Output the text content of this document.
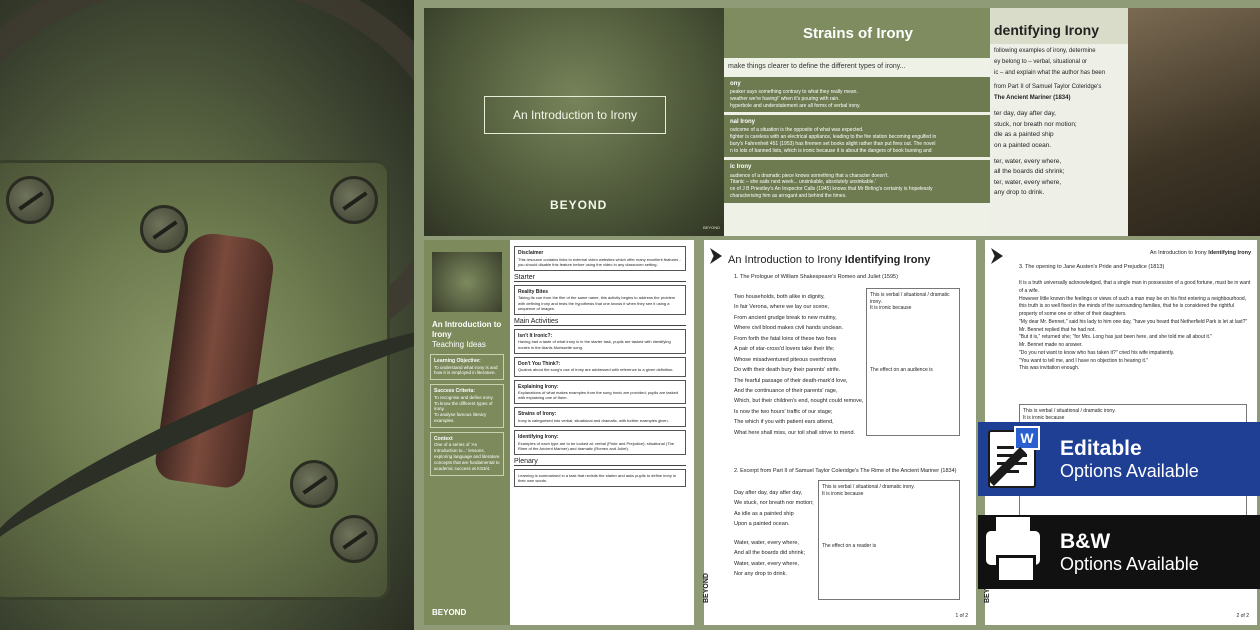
An Introduction to Irony
BEYOND
BEYOND
Strains of Irony
make things clearer to define the different types of irony...
ony
peaker says something contrary to what they really mean.
weather we're having!' when it's pouring with rain.
hyperbole and understatement are all forms of verbal irony.
nal Irony
outcome of a situation is the opposite of what was expected.
fighter is careless with an electrical appliance, leading to the fire station becoming engulfed in
bury's Fahrenheit 451 (1953) has firemen set books alight rather than put fires out. The novel
n to lots of banned lists, which is ironic because it is about the dangers of book burning and
ic Irony
audience of a dramatic piece knows something that a character doesn't.
Titanic – she sails next week... unsinkable, absolutely unsinkable.'
ce of J B Priestley's An Inspector Calls (1945) knows that Mr Birling's certainty is hopelessly
characterising him as arrogant and behind the times.
dentifying Irony

following examples of irony, determine

ey belong to – verbal, situational or

ic – and explain what the author has been

from Part II of Samuel Taylor Coleridge's

The Ancient Mariner (1834)

ter day, day after day,
stuck, nor breath nor motion;
dle as a painted ship
on a painted ocean.
ter, water, every where,
all the boards did shrink;
ter, water, every where,
any drop to drink.
An Introduction to Irony
Teaching Ideas
Learning Objective:
To understand what irony is and how it is employed in literature.
Success Criteria:
To recognise and define irony.
To know the different types of irony.
To analyse famous literary examples.
Context
One of a series of 'An Introduction to...' lessons, exploring language and literature concepts that are fundamental to academic success at KS3/4.
BEYOND
Disclaimer
This resource contains links to external video websites which offer many excellent features - you should disable this feature before using the video in any classroom setting.
Starter
Reality Bites
Taking its cue from the film of the same name, this activity begins to address the problem with defining irony and tests the hypothesis that one knows it when they see it using a sequence of images.
Main Activities
Isn't It Ironic?:
Having had a taste of what irony is in the starter task, pupils are tasked with identifying ironies in the Alanis Morissette song.
Don't You Think?:
Qualms about the song's use of irony are addressed with reference to a given definition.
Explaining Irony:
Explanations of what makes examples from the song ironic are provided; pupils are tasked with explaining one of them.
Strains of Irony:
Irony is categorised into verbal, situational and dramatic, with further examples given.
Identifying Irony:
Examples of each type are to be looked at: verbal (Pride and Prejudice); situational (The Rime of the Ancient Mariner) and dramatic (Romeo and Juliet).
Plenary
Learning is summarised in a task that revisits the starter and asks pupils to define irony in their own words.
An Introduction to Irony Identifying Irony
1. The Prologue of William Shakespeare's Romeo and Juliet (1595)
Two households, both alike in dignity,
In fair Verona, where we lay our scene,
From ancient grudge break to new mutiny,
Where civil blood makes civil hands unclean.
From forth the fatal loins of these two foes
A pair of star-cross'd lovers take their life;
Whose misadventured piteous overthrows
Do with their death bury their parents' strife.
The fearful passage of their death-mark'd love,
And the continuance of their parents' rage,
Which, but their children's end, nought could remove,
Is now the two hours' traffic of our stage;
The which if you with patient ears attend,
What here shall miss, our toil shall strive to mend.
This is verbal / situational / dramatic irony.
It is ironic because
The effect on an audience is
2. Excerpt from Part II of Samuel Taylor Coleridge's The Rime of the Ancient Mariner (1834)
Day after day, day after day,
We stuck, nor breath nor motion;
As idle as a painted ship
Upon a painted ocean.
Water, water, every where,
And all the boards did shrink;
Water, water, every where,
Nor any drop to drink.
This is verbal / situational / dramatic irony.
It is ironic because
The effect on a reader is
BEYOND
1 of 2
An Introduction to Irony Identifying Irony
3. The opening to Jane Austen's Pride and Prejudice (1813)
It is a truth universally acknowledged, that a single man in possession of a good fortune, must be in want of a wife.
However little known the feelings or views of such a man may be on his first entering a neighbourhood, this truth is so well fixed in the minds of the surrounding families, that he is considered the rightful property of some one or other of their daughters.
"My dear Mr. Bennet," said his lady to him one day, "have you heard that Netherfield Park is let at last?"
Mr. Bennet replied that he had not.
"But it is," returned she; "for Mrs. Long has just been here, and she told me all about it."
Mr. Bennet made no answer.
"Do you not want to know who has taken it?" cried his wife impatiently.
"You want to tell me, and I have no objection to hearing it."
This was invitation enough.
This is verbal / situational / dramatic irony.
It is ironic because
2 of 2
W	Editable
Options Available
B&W
Options Available
